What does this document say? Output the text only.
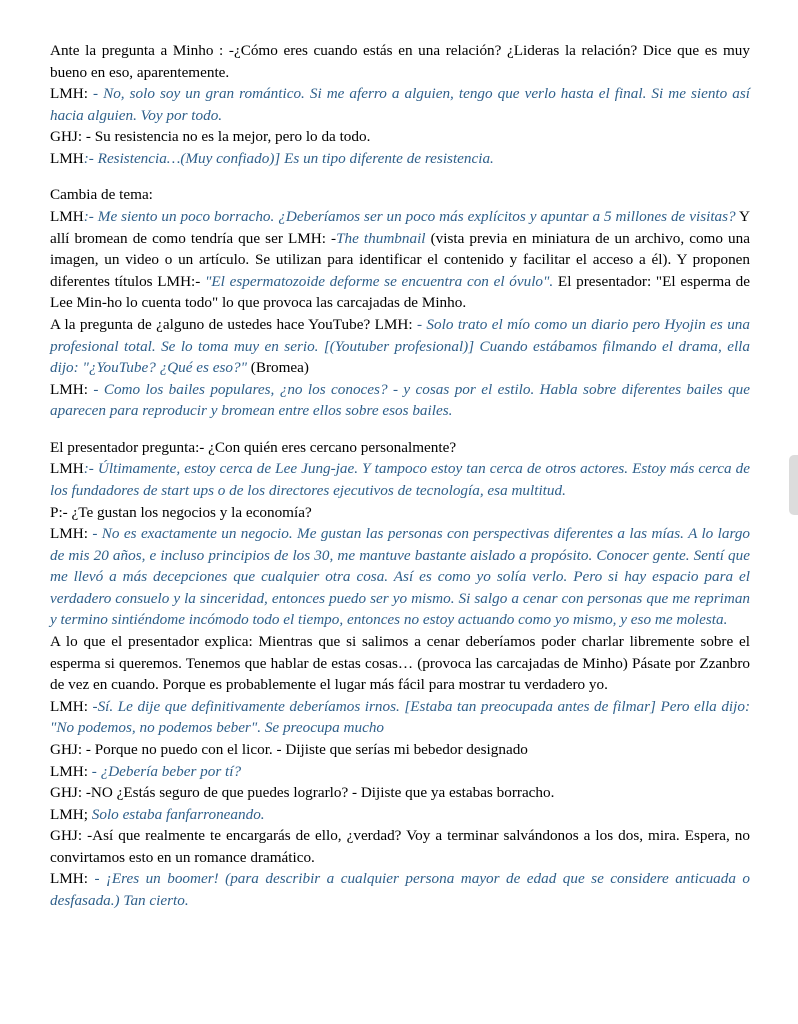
Ante la pregunta a Minho : -¿Cómo eres cuando estás en una relación? ¿Lideras la relación? Dice que es muy bueno en eso, aparentemente.

LMH: - No, solo soy un gran romántico. Si me aferro a alguien, tengo que verlo hasta el final. Si me siento así hacia alguien. Voy por todo.

GHJ: - Su resistencia no es la mejor, pero lo da todo.

LMH:- Resistencia…(Muy confiado)] Es un tipo diferente de resistencia.

Cambia de tema:

LMH:- Me siento un poco borracho. ¿Deberíamos ser un poco más explícitos y apuntar a 5 millones de visitas? Y allí bromean de como tendría que ser LMH: -The thumbnail (vista previa en miniatura de un archivo, como una imagen, un video o un artículo. Se utilizan para identificar el contenido y facilitar el acceso a él). Y proponen diferentes títulos LMH:- "El espermatozoide deforme se encuentra con el óvulo". El presentador: "El esperma de Lee Min-ho lo cuenta todo" lo que provoca las carcajadas de Minho.

A la pregunta de ¿alguno de ustedes hace YouTube? LMH: - Solo trato el mío como un diario pero Hyojin es una profesional total. Se lo toma muy en serio. [(Youtuber profesional)] Cuando estábamos filmando el drama, ella dijo: "¿YouTube? ¿Qué es eso?" (Bromea)

LMH: - Como los bailes populares, ¿no los conoces? - y cosas por el estilo. Habla sobre diferentes bailes que aparecen para reproducir y bromean entre ellos sobre esos bailes.

El presentador pregunta:- ¿Con quién eres cercano personalmente?

LMH:- Últimamente, estoy cerca de Lee Jung-jae. Y tampoco estoy tan cerca de otros actores. Estoy más cerca de los fundadores de start ups o de los directores ejecutivos de tecnología, esa multitud.

P:- ¿Te gustan los negocios y la economía?

LMH: - No es exactamente un negocio. Me gustan las personas con perspectivas diferentes a las mías. A lo largo de mis 20 años, e incluso principios de los 30, me mantuve bastante aislado a propósito. Conocer gente. Sentí que me llevó a más decepciones que cualquier otra cosa. Así es como yo solía verlo. Pero si hay espacio para el verdadero consuelo y la sinceridad, entonces puedo ser yo mismo. Si salgo a cenar con personas que me repriman y termino sintiéndome incómodo todo el tiempo, entonces no estoy actuando como yo mismo, y eso me molesta.

A lo que el presentador explica: Mientras que si salimos a cenar deberíamos poder charlar libremente sobre el esperma si queremos. Tenemos que hablar de estas cosas… (provoca las carcajadas de Minho) Pásate por Zzanbro de vez en cuando. Porque es probablemente el lugar más fácil para mostrar tu verdadero yo.

LMH: -Sí. Le dije que definitivamente deberíamos irnos. [Estaba tan preocupada antes de filmar] Pero ella dijo: "No podemos, no podemos beber". Se preocupa mucho

GHJ: - Porque no puedo con el licor. - Dijiste que serías mi bebedor designado

LMH: - ¿Debería beber por tí?

GHJ: -NO ¿Estás seguro de que puedes lograrlo? - Dijiste que ya estabas borracho.

LMH; Solo estaba fanfarroneando.

GHJ: -Así que realmente te encargarás de ello, ¿verdad? Voy a terminar salvándonos a los dos, mira. Espera, no convirtamos esto en un romance dramático.

LMH: - ¡Eres un boomer! (para describir a cualquier persona mayor de edad que se considere anticuada o desfasada.) Tan cierto.
